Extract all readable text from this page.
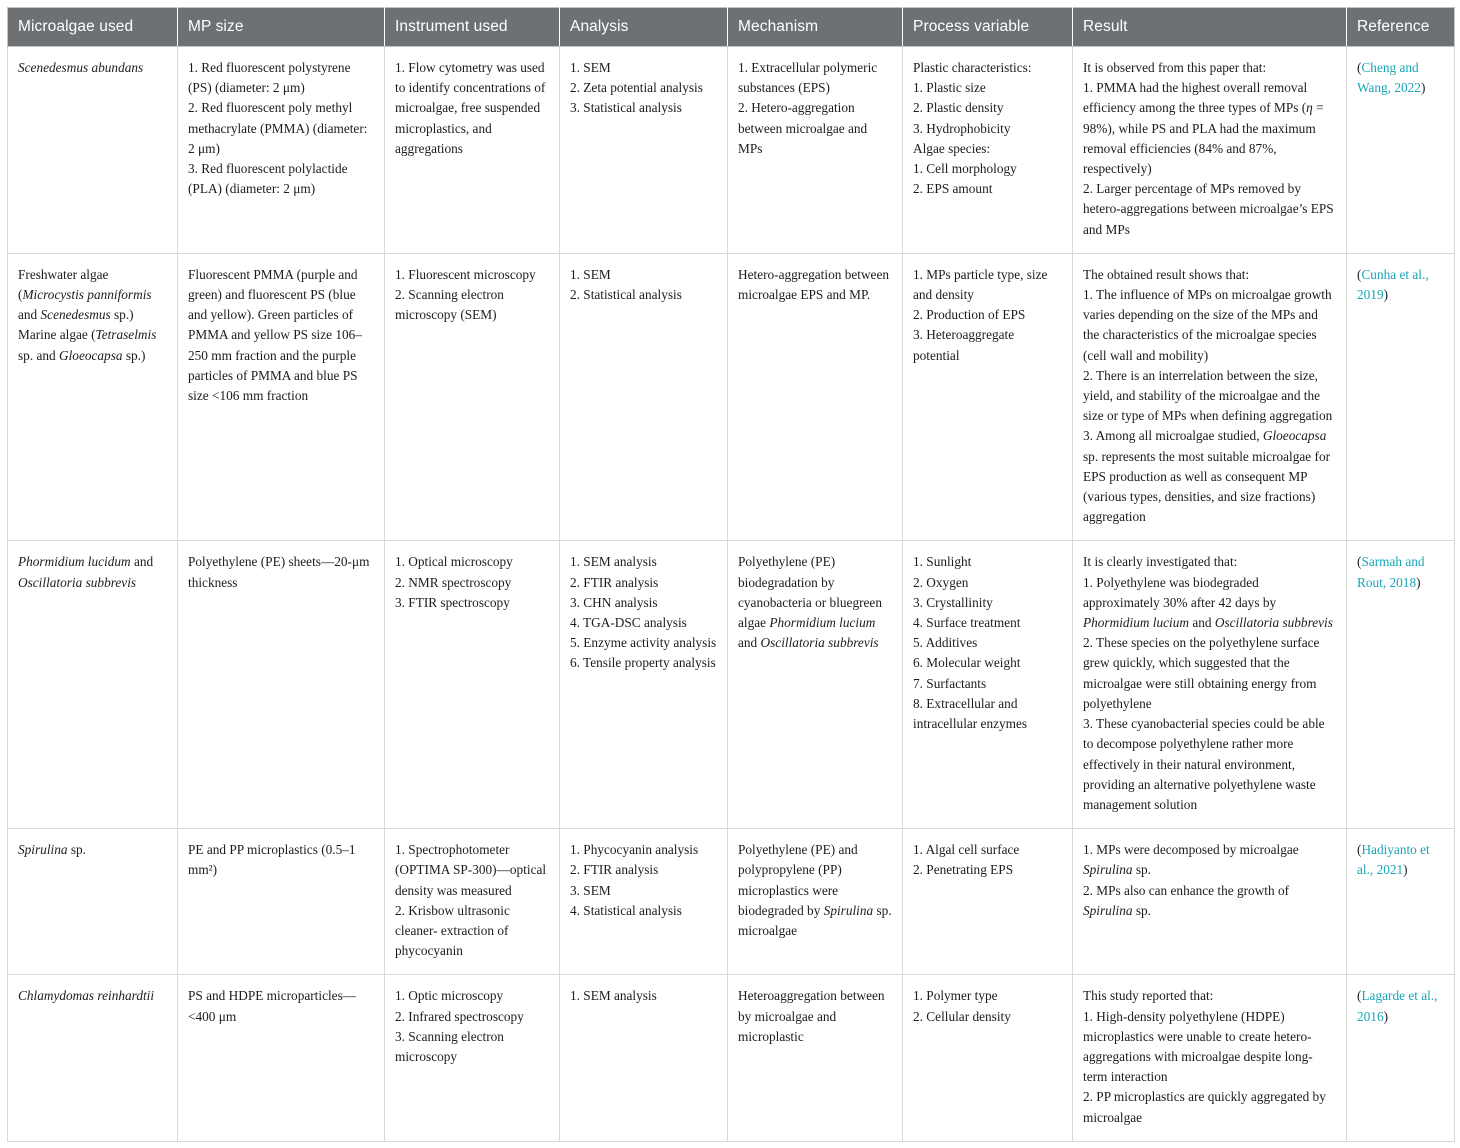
Microalgae used	MP size	Instrument used	Analysis	Mechanism	Process variable	Result	Reference
Scenedesmus abundans	1. Red fluorescent polystyrene (PS) (diameter: 2 μm)
2. Red fluorescent poly methyl methacrylate (PMMA) (diameter: 2 μm)
3. Red fluorescent polylactide (PLA) (diameter: 2 μm)	1. Flow cytometry was used to identify concentrations of microalgae, free suspended microplastics, and aggregations	1. SEM
2. Zeta potential analysis
3. Statistical analysis	1. Extracellular polymeric substances (EPS)
2. Hetero-aggregation between microalgae and MPs	Plastic characteristics:
1. Plastic size
2. Plastic density
3. Hydrophobicity
Algae species:
1. Cell morphology
2. EPS amount	It is observed from this paper that:
1. PMMA had the highest overall removal efficiency among the three types of MPs (η = 98%), while PS and PLA had the maximum removal efficiencies (84% and 87%, respectively)
2. Larger percentage of MPs removed by hetero-aggregations between microalgae’s EPS and MPs	(Cheng and Wang, 2022)
Freshwater algae (Microcystis panniformis and Scenedesmus sp.)
Marine algae (Tetraselmis sp. and Gloeocapsa sp.)	Fluorescent PMMA (purple and green) and fluorescent PS (blue and yellow). Green particles of PMMA and yellow PS size 106–250 mm fraction and the purple particles of PMMA and blue PS size <106 mm fraction	1. Fluorescent microscopy
2. Scanning electron microscopy (SEM)	1. SEM
2. Statistical analysis	Hetero-aggregation between microalgae EPS and MP.	1. MPs particle type, size and density
2. Production of EPS
3. Heteroaggregate potential	The obtained result shows that:
1. The influence of MPs on microalgae growth varies depending on the size of the MPs and the characteristics of the microalgae species (cell wall and mobility)
2. There is an interrelation between the size, yield, and stability of the microalgae and the size or type of MPs when defining aggregation
3. Among all microalgae studied, Gloeocapsa sp. represents the most suitable microalgae for EPS production as well as consequent MP (various types, densities, and size fractions) aggregation	(Cunha et al., 2019)
Phormidium lucidum and Oscillatoria subbrevis	Polyethylene (PE) sheets—20-μm thickness	1. Optical microscopy
2. NMR spectroscopy
3. FTIR spectroscopy	1. SEM analysis
2. FTIR analysis
3. CHN analysis
4. TGA-DSC analysis
5. Enzyme activity analysis
6. Tensile property analysis	Polyethylene (PE) biodegradation by cyanobacteria or bluegreen algae Phormidium lucium and Oscillatoria subbrevis	1. Sunlight
2. Oxygen
3. Crystallinity
4. Surface treatment
5. Additives
6. Molecular weight
7. Surfactants
8. Extracellular and intracellular enzymes	It is clearly investigated that:
1. Polyethylene was biodegraded approximately 30% after 42 days by Phormidium lucium and Oscillatoria subbrevis
2. These species on the polyethylene surface grew quickly, which suggested that the microalgae were still obtaining energy from polyethylene
3. These cyanobacterial species could be able to decompose polyethylene rather more effectively in their natural environment, providing an alternative polyethylene waste management solution	(Sarmah and Rout, 2018)
Spirulina sp.	PE and PP microplastics (0.5–1 mm²)	1. Spectrophotometer (OPTIMA SP-300)—optical density was measured
2. Krisbow ultrasonic cleaner- extraction of phycocyanin	1. Phycocyanin analysis
2. FTIR analysis
3. SEM
4. Statistical analysis	Polyethylene (PE) and polypropylene (PP) microplastics were biodegraded by Spirulina sp. microalgae	1. Algal cell surface
2. Penetrating EPS	1. MPs were decomposed by microalgae Spirulina sp.
2. MPs also can enhance the growth of Spirulina sp.	(Hadiyanto et al., 2021)
Chlamydomas reinhardtii	PS and HDPE microparticles—<400 μm	1. Optic microscopy
2. Infrared spectroscopy
3. Scanning electron microscopy	1. SEM analysis	Heteroaggregation between by microalgae and microplastic	1. Polymer type
2. Cellular density	This study reported that:
1. High-density polyethylene (HDPE) microplastics were unable to create hetero-aggregations with microalgae despite long-term interaction
2. PP microplastics are quickly aggregated by microalgae	(Lagarde et al., 2016)
